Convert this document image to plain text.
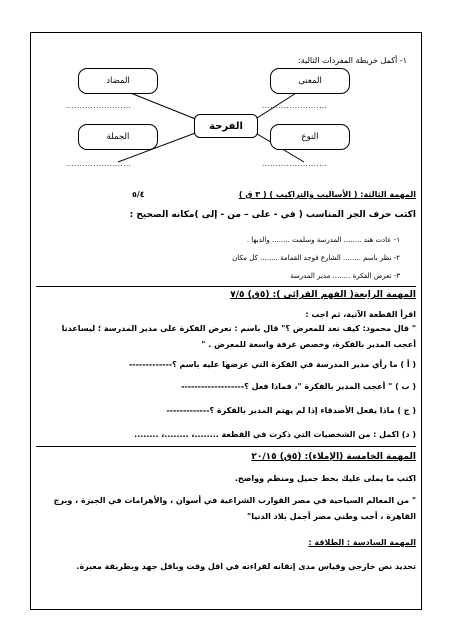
١- أكمل خريطة المفردات التالية:
المضاد	المعنى
الفرحة
الجملة	النوع
........................	........................
........................	........................
المهمة الثالثة: ( الأساليب والتراكيب ) ( ٣ ق )
٥/٤
اكتب حرف الجر المناسب ( في - على – من - إلى )مكانه الصحيح :
١- عادت هند ........ المدرسة وسلمت ........ والديها .
٢- نظر باسم ........ الشارع فوجد القمامة ........ كل مكان
٣- تعرض الفكرة ........ مدير المدرسة
المهمة الرابعة( الفهم القرائي ): (٥ق) ٧/٥
اقرأ القطعة الآتية، ثم اجب :
" قال محمود: كيف نعد للمعرض ؟" قال باسم : نعرض الفكرة على مدير المدرسة ؛ ليساعدنا
أعجب المدير بالفكرة، وخصص غرفة واسعة للمعرض . "
( أ ) ما رأي مدير المدرسة في الفكرة التي عرضها عليه باسم ؟-------------
( ب ) " أعجب المدير بالفكرة "، فماذا فعل ؟-------------------
( ج ) ماذا يفعل الأصدقاء إذا لم يهتم المدير بالفكرة ؟-------------
( د) اكمل : من الشخصيات التي ذكرت في القطعة ........، ........، ........
المهمة الخامسة (الإملاء): (٥ق) ٢٠/١٥
اكتب ما يملى عليك بخط جميل ومنظم وواضح.
" من المعالم السياحية في مصر القوارب الشراعية في أسوان ، والأهرامات في الجيزة ، وبرج
القاهرة ، أحب وطني مصر أجمل بلاد الدنيا"
المهمة السادسة : الطلاقة :
تحديد نص خارجي وقياس مدى إتقانه لقراءته في اقل وقت وباقل جهد وبطريقة معبرة.
